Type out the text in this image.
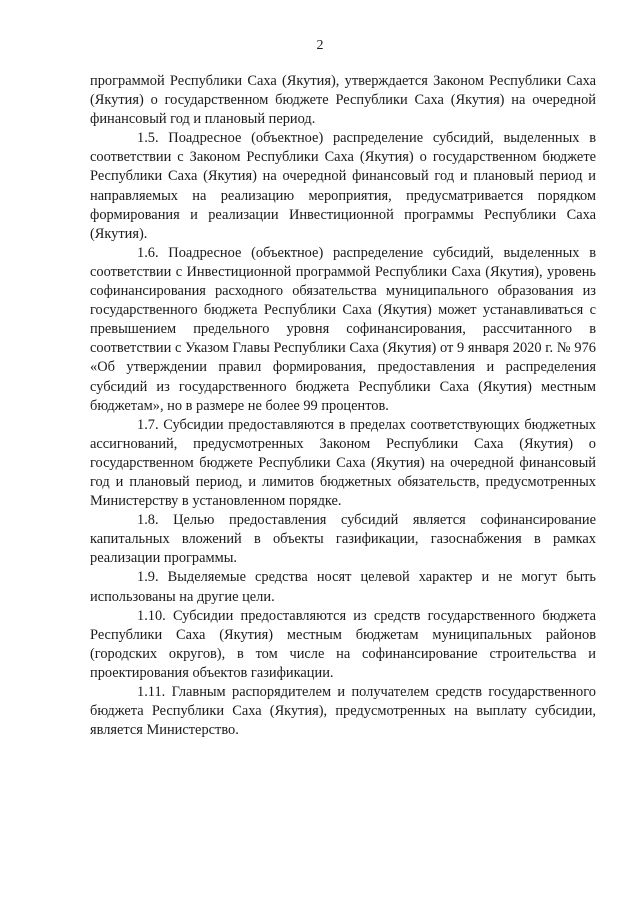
2

программой Республики Саха (Якутия), утверждается Законом Республики Саха (Якутия) о государственном бюджете Республики Саха (Якутия) на очередной финансовый год и плановый период.

1.5. Поадресное (объектное) распределение субсидий, выделенных в соответствии с Законом Республики Саха (Якутия) о государственном бюджете Республики Саха (Якутия) на очередной финансовый год и плановый период и направляемых на реализацию мероприятия, предусматривается порядком формирования и реализации Инвестиционной программы Республики Саха (Якутия).

1.6. Поадресное (объектное) распределение субсидий, выделенных в соответствии с Инвестиционной программой Республики Саха (Якутия), уровень софинансирования расходного обязательства муниципального образования из государственного бюджета Республики Саха (Якутия) может устанавливаться с превышением предельного уровня софинансирования, рассчитанного в соответствии с Указом Главы Республики Саха (Якутия) от 9 января 2020 г. № 976 «Об утверждении правил формирования, предоставления и распределения субсидий из государственного бюджета Республики Саха (Якутия) местным бюджетам», но в размере не более 99 процентов.

1.7. Субсидии предоставляются в пределах соответствующих бюджетных ассигнований, предусмотренных Законом Республики Саха (Якутия) о государственном бюджете Республики Саха (Якутия) на очередной финансовый год и плановый период, и лимитов бюджетных обязательств, предусмотренных Министерству в установленном порядке.

1.8. Целью предоставления субсидий является софинансирование капитальных вложений в объекты газификации, газоснабжения в рамках реализации программы.

1.9. Выделяемые средства носят целевой характер и не могут быть использованы на другие цели.

1.10. Субсидии предоставляются из средств государственного бюджета Республики Саха (Якутия) местным бюджетам муниципальных районов (городских округов), в том числе на софинансирование строительства и проектирования объектов газификации.

1.11. Главным распорядителем и получателем средств государственного бюджета Республики Саха (Якутия), предусмотренных на выплату субсидии, является Министерство.
